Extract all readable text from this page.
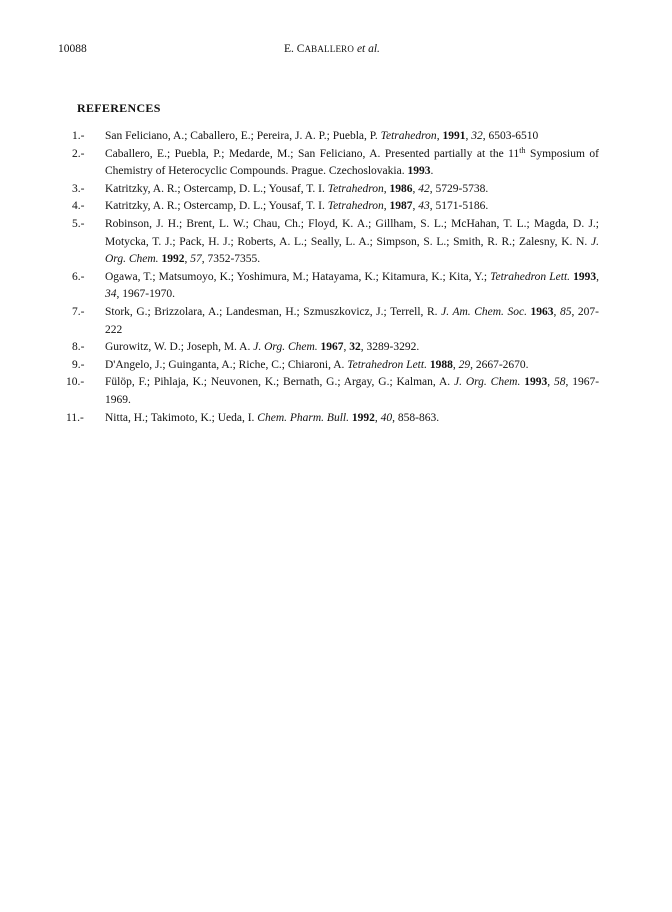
10088	E. CABALLERO et al.
REFERENCES
1.- San Feliciano, A.; Caballero, E.; Pereira, J. A. P.; Puebla, P. Tetrahedron, 1991, 32, 6503-6510
2.- Caballero, E.; Puebla, P.; Medarde, M.; San Feliciano, A. Presented partially at the 11th Symposium of Chemistry of Heterocyclic Compounds. Prague. Czechoslovakia. 1993.
3.- Katritzky, A. R.; Ostercamp, D. L.; Yousaf, T. I. Tetrahedron, 1986, 42, 5729-5738.
4.- Katritzky, A. R.; Ostercamp, D. L.; Yousaf, T. I. Tetrahedron, 1987, 43, 5171-5186.
5.- Robinson, J. H.; Brent, L. W.; Chau, Ch.; Floyd, K. A.; Gillham, S. L.; McHahan, T. L.; Magda, D. J.; Motycka, T. J.; Pack, H. J.; Roberts, A. L.; Seally, L. A.; Simpson, S. L.; Smith, R. R.; Zalesny, K. N. J. Org. Chem. 1992, 57, 7352-7355.
6.- Ogawa, T.; Matsumoyo, K.; Yoshimura, M.; Hatayama, K.; Kitamura, K.; Kita, Y.; Tetrahedron Lett. 1993, 34, 1967-1970.
7.- Stork, G.; Brizzolara, A.; Landesman, H.; Szmuszkovicz, J.; Terrell, R. J. Am. Chem. Soc. 1963, 85, 207-222
8.- Gurowitz, W. D.; Joseph, M. A. J. Org. Chem. 1967, 32, 3289-3292.
9.- D'Angelo, J.; Guinganta, A.; Riche, C.; Chiaroni, A. Tetrahedron Lett. 1988, 29, 2667-2670.
10.- Fülöp, F.; Pihlaja, K.; Neuvonen, K.; Bernath, G.; Argay, G.; Kalman, A. J. Org. Chem. 1993, 58, 1967-1969.
11.- Nitta, H.; Takimoto, K.; Ueda, I. Chem. Pharm. Bull. 1992, 40, 858-863.
